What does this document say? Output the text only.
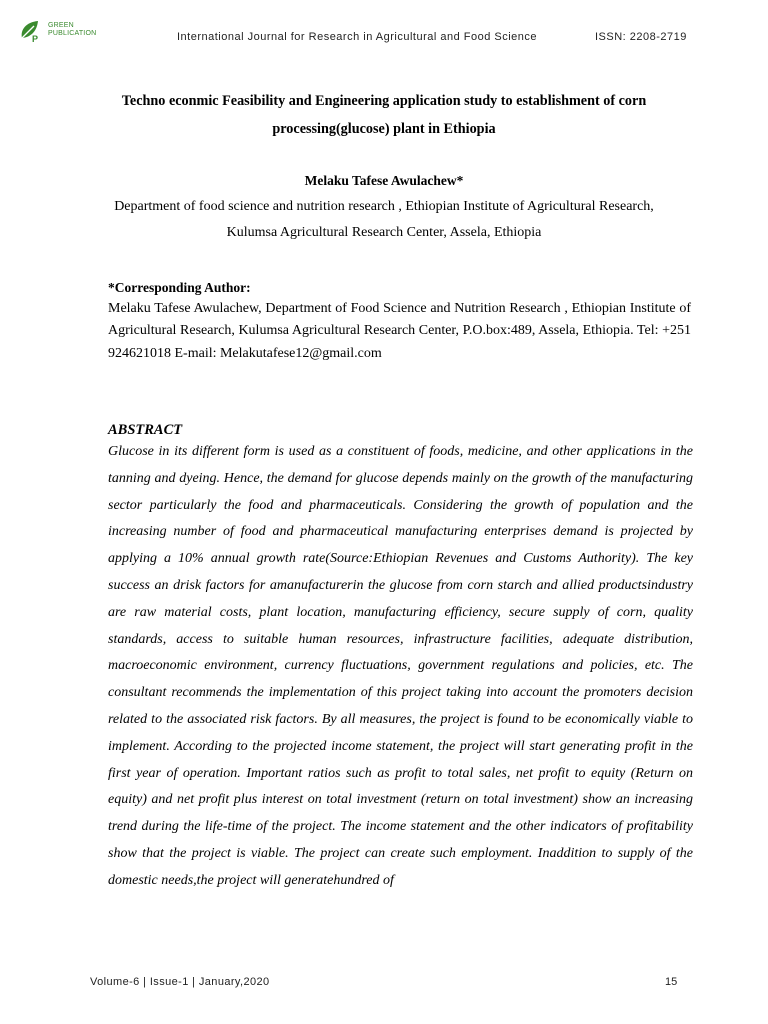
P
GREEN
PUBLICATION	International Journal for Research in Agricultural and Food Science	ISSN: 2208-2719
Techno econmic Feasibility and Engineering application study to establishment of corn
processing(glucose) plant in Ethiopia
Melaku Tafese Awulachew*
Department of food science and nutrition research , Ethiopian Institute of Agricultural Research,
Kulumsa Agricultural Research Center, Assela, Ethiopia
*Corresponding Author:
Melaku Tafese Awulachew, Department of Food Science and Nutrition Research , Ethiopian Institute of Agricultural Research, Kulumsa Agricultural Research Center, P.O.box:489, Assela, Ethiopia. Tel: +251 924621018 E-mail: Melakutafese12@gmail.com
ABSTRACT
Glucose in its different form is used as a constituent of foods, medicine, and other applications in the tanning and dyeing. Hence, the demand for glucose depends mainly on the growth of the manufacturing sector particularly the food and pharmaceuticals. Considering the growth of population and the increasing number of food and pharmaceutical manufacturing enterprises demand is projected by applying a 10% annual growth rate(Source:Ethiopian Revenues and Customs Authority). The key success an drisk factors for amanufacturerin the glucose from corn starch and allied productsindustry are raw material costs, plant location, manufacturing efficiency, secure supply of corn, quality standards, access to suitable human resources, infrastructure facilities, adequate distribution, macroeconomic environment, currency fluctuations, government regulations and policies, etc. The consultant recommends the implementation of this project taking into account the promoters decision related to the associated risk factors. By all measures, the project is found to be economically viable to implement. According to the projected income statement, the project will start generating profit in the first year of operation. Important ratios such as profit to total sales, net profit to equity (Return on equity) and net profit plus interest on total investment (return on total investment) show an increasing trend during the life-time of the project. The income statement and the other indicators of profitability show that the project is viable. The project can create such employment. Inaddition to supply of the domestic needs,the project will generatehundred of
Volume-6 | Issue-1 | January,2020	15
